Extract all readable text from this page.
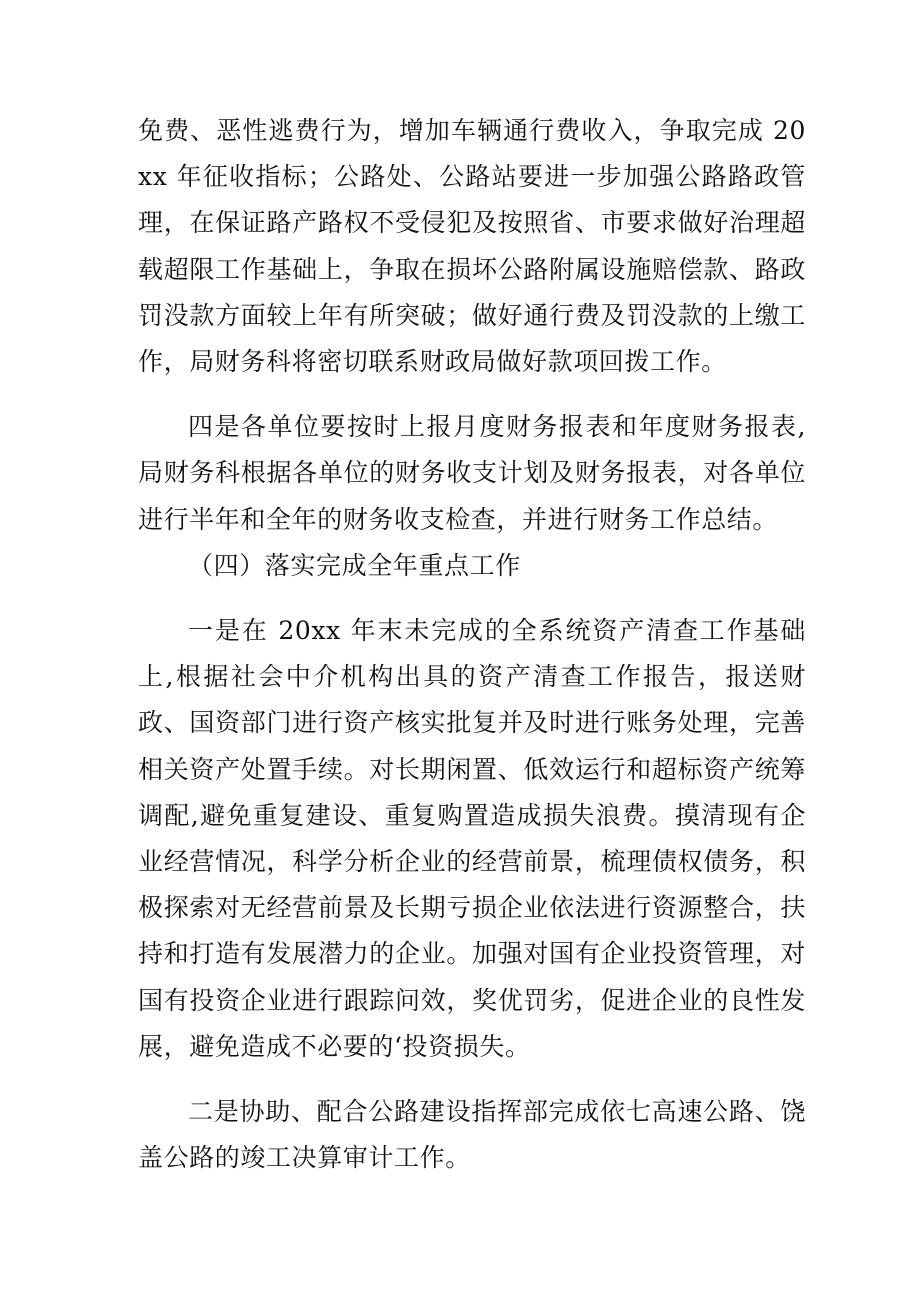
免费、恶性逃费行为，增加车辆通行费收入，争取完成 20xx 年征收指标；公路处、公路站要进一步加强公路路政管理，在保证路产路权不受侵犯及按照省、市要求做好治理超载超限工作基础上，争取在损坏公路附属设施赔偿款、路政罚没款方面较上年有所突破；做好通行费及罚没款的上缴工作，局财务科将密切联系财政局做好款项回拨工作。

四是各单位要按时上报月度财务报表和年度财务报表,局财务科根据各单位的财务收支计划及财务报表，对各单位进行半年和全年的财务收支检查，并进行财务工作总结。

（四）落实完成全年重点工作

一是在 20xx 年末未完成的全系统资产清查工作基础上,根据社会中介机构出具的资产清查工作报告，报送财政、国资部门进行资产核实批复并及时进行账务处理，完善相关资产处置手续。对长期闲置、低效运行和超标资产统筹调配,避免重复建设、重复购置造成损失浪费。摸清现有企业经营情况，科学分析企业的经营前景，梳理债权债务，积极探索对无经营前景及长期亏损企业依法进行资源整合，扶持和打造有发展潜力的企业。加强对国有企业投资管理，对国有投资企业进行跟踪问效，奖优罚劣，促进企业的良性发展，避免造成不必要的‘投资损失。

二是协助、配合公路建设指挥部完成依七高速公路、饶盖公路的竣工决算审计工作。
